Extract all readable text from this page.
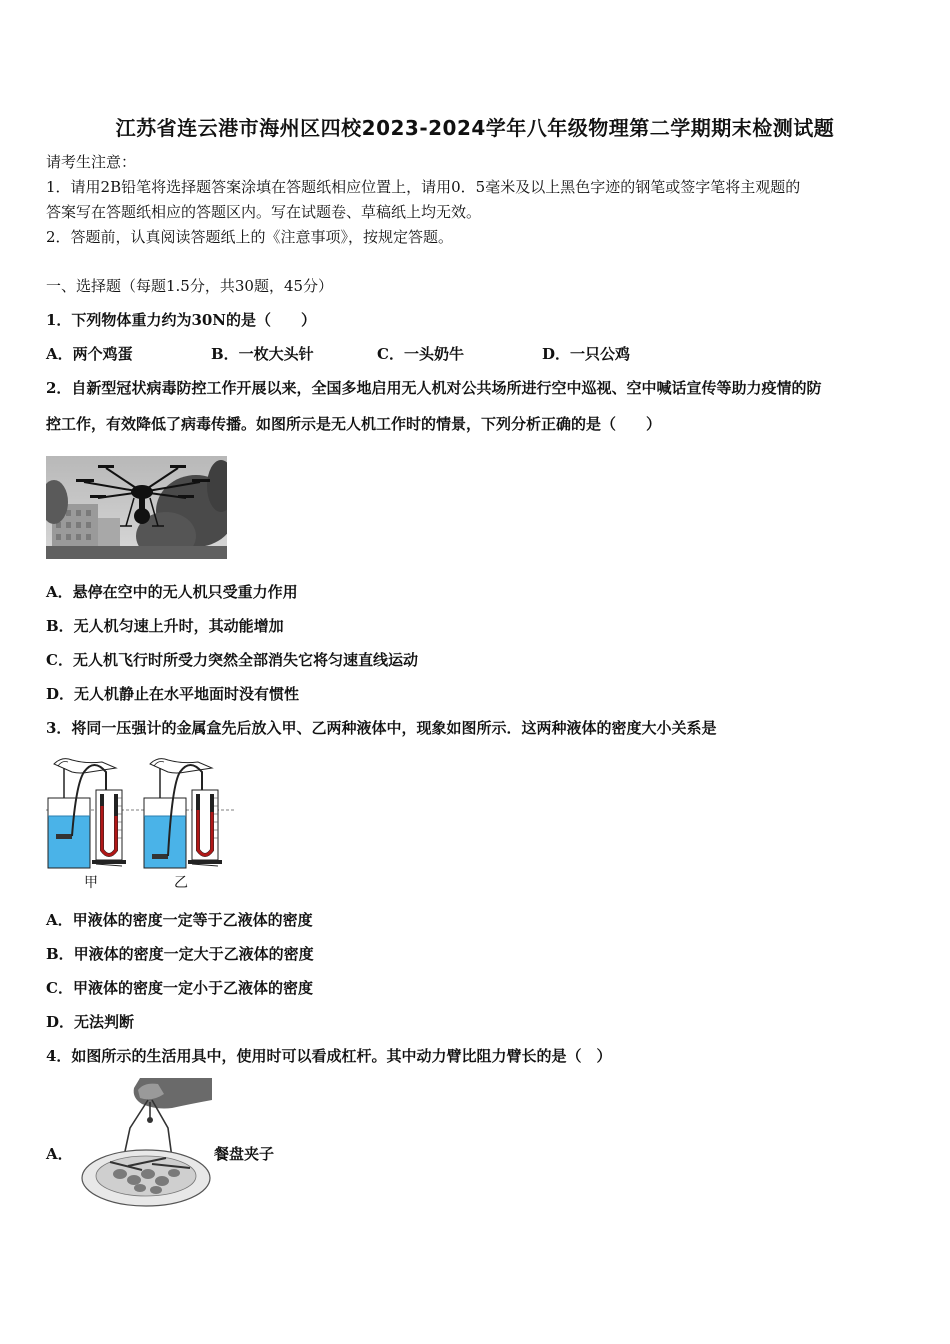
江苏省连云港市海州区四校2023-2024学年八年级物理第二学期期末检测试题
请考生注意：
1．请用2B铅笔将选择题答案涂填在答题纸相应位置上，请用0．5毫米及以上黑色字迹的钢笔或签字笔将主观题的
答案写在答题纸相应的答题区内。写在试题卷、草稿纸上均无效。
2．答题前，认真阅读答题纸上的《注意事项》，按规定答题。
一、选择题（每题1.5分，共30题，45分）
1．下列物体重力约为30N的是（　　）
A．两个鸡蛋	B．一枚大头针	C．一头奶牛	D．一只公鸡
2．自新型冠状病毒防控工作开展以来，全国多地启用无人机对公共场所进行空中巡视、空中喊话宣传等助力疫情的防
控工作，有效降低了病毒传播。如图所示是无人机工作时的情景，下列分析正确的是（　　）
A．悬停在空中的无人机只受重力作用
B．无人机匀速上升时，其动能增加
C．无人机飞行时所受力突然全部消失它将匀速直线运动
D．无人机静止在水平地面时没有惯性
3．将同一压强计的金属盒先后放入甲、乙两种液体中，现象如图所示．这两种液体的密度大小关系是
甲	乙
A．甲液体的密度一定等于乙液体的密度
B．甲液体的密度一定大于乙液体的密度
C．甲液体的密度一定小于乙液体的密度
D．无法判断
4．如图所示的生活用具中，使用时可以看成杠杆。其中动力臂比阻力臂长的是（　）
A．	餐盘夹子
